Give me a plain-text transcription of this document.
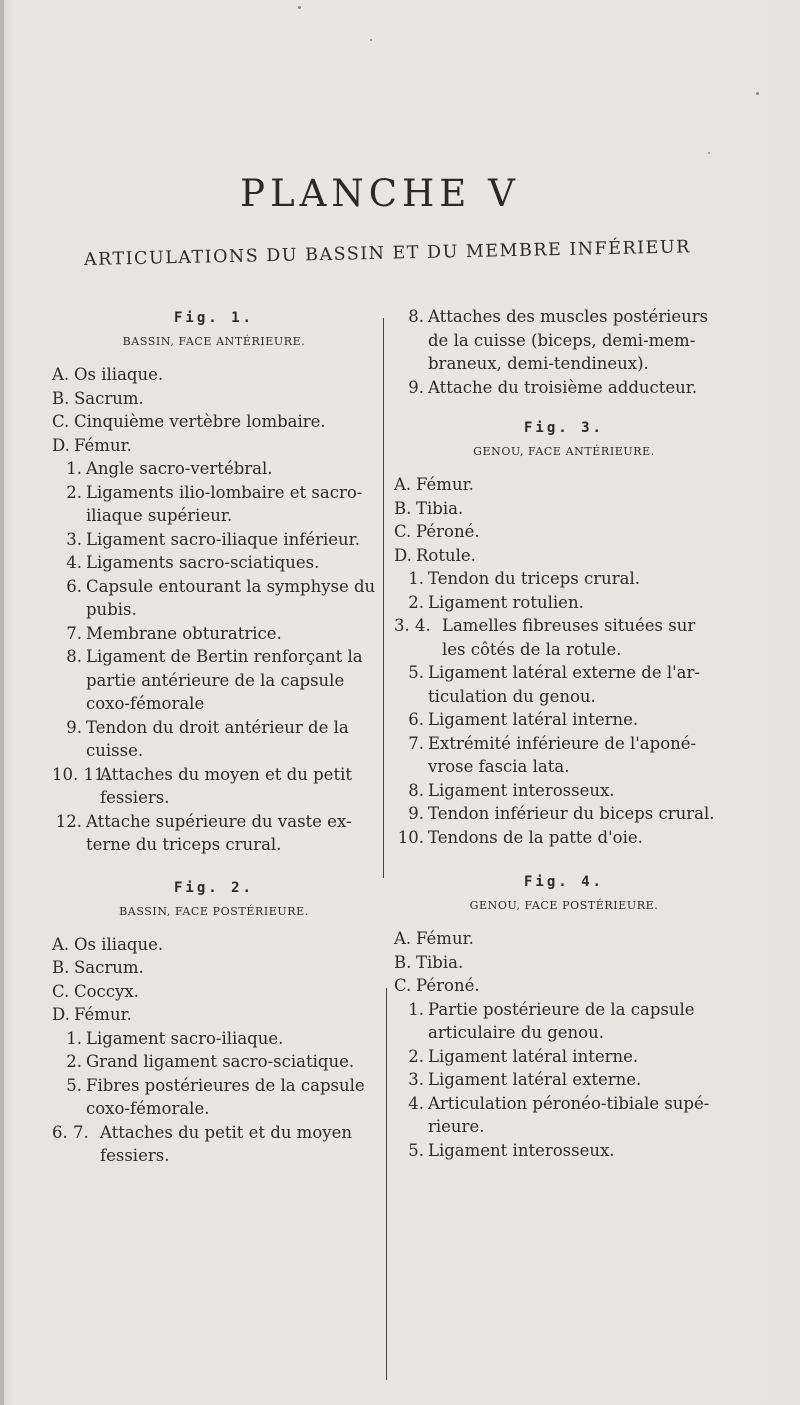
PLANCHE V
ARTICULATIONS DU BASSIN ET DU MEMBRE INFÉRIEUR
Fig. 1.
BASSIN, FACE ANTÉRIEURE.
A. Os iliaque.
B. Sacrum.
C. Cinquième vertèbre lombaire.
D. Fémur.
1. Angle sacro-vertébral.
2. Ligaments ilio-lombaire et sacro-
iliaque supérieur.
3. Ligament sacro-iliaque inférieur.
4. Ligaments sacro-sciatiques.
6. Capsule entourant la symphyse du
pubis.
7. Membrane obturatrice.
8. Ligament de Bertin renforçant la
partie antérieure de la capsule
coxo-fémorale
9. Tendon du droit antérieur de la
cuisse.
10. 11.
Attaches du moyen et du petit
fessiers.
12. Attache supérieure du vaste ex-
terne du triceps crural.
Fig. 2.
BASSIN, FACE POSTÉRIEURE.
A. Os iliaque.
B. Sacrum.
C. Coccyx.
D. Fémur.
1. Ligament sacro-iliaque.
2. Grand ligament sacro-sciatique.
5. Fibres postérieures de la capsule
coxo-fémorale.
6. 7. Attaches du petit et du moyen
fessiers.
8. Attaches des muscles postérieurs
de la cuisse (biceps, demi-mem-
braneux, demi-tendineux).
9. Attache du troisième adducteur.
Fig. 3.
GENOU, FACE ANTÉRIEURE.
A. Fémur.
B. Tibia.
C. Péroné.
D. Rotule.
1. Tendon du triceps crural.
2. Ligament rotulien.
3. 4. Lamelles fibreuses situées sur
les côtés de la rotule.
5. Ligament latéral externe de l'ar-
ticulation du genou.
6. Ligament latéral interne.
7. Extrémité inférieure de l'aponé-
vrose fascia lata.
8. Ligament interosseux.
9. Tendon inférieur du biceps crural.
10. Tendons de la patte d'oie.
Fig. 4.
GENOU, FACE POSTÉRIEURE.
A. Fémur.
B. Tibia.
C. Péroné.
1. Partie postérieure de la capsule
articulaire du genou.
2. Ligament latéral interne.
3. Ligament latéral externe.
4. Articulation péronéo-tibiale supé-
rieure.
5. Ligament interosseux.
